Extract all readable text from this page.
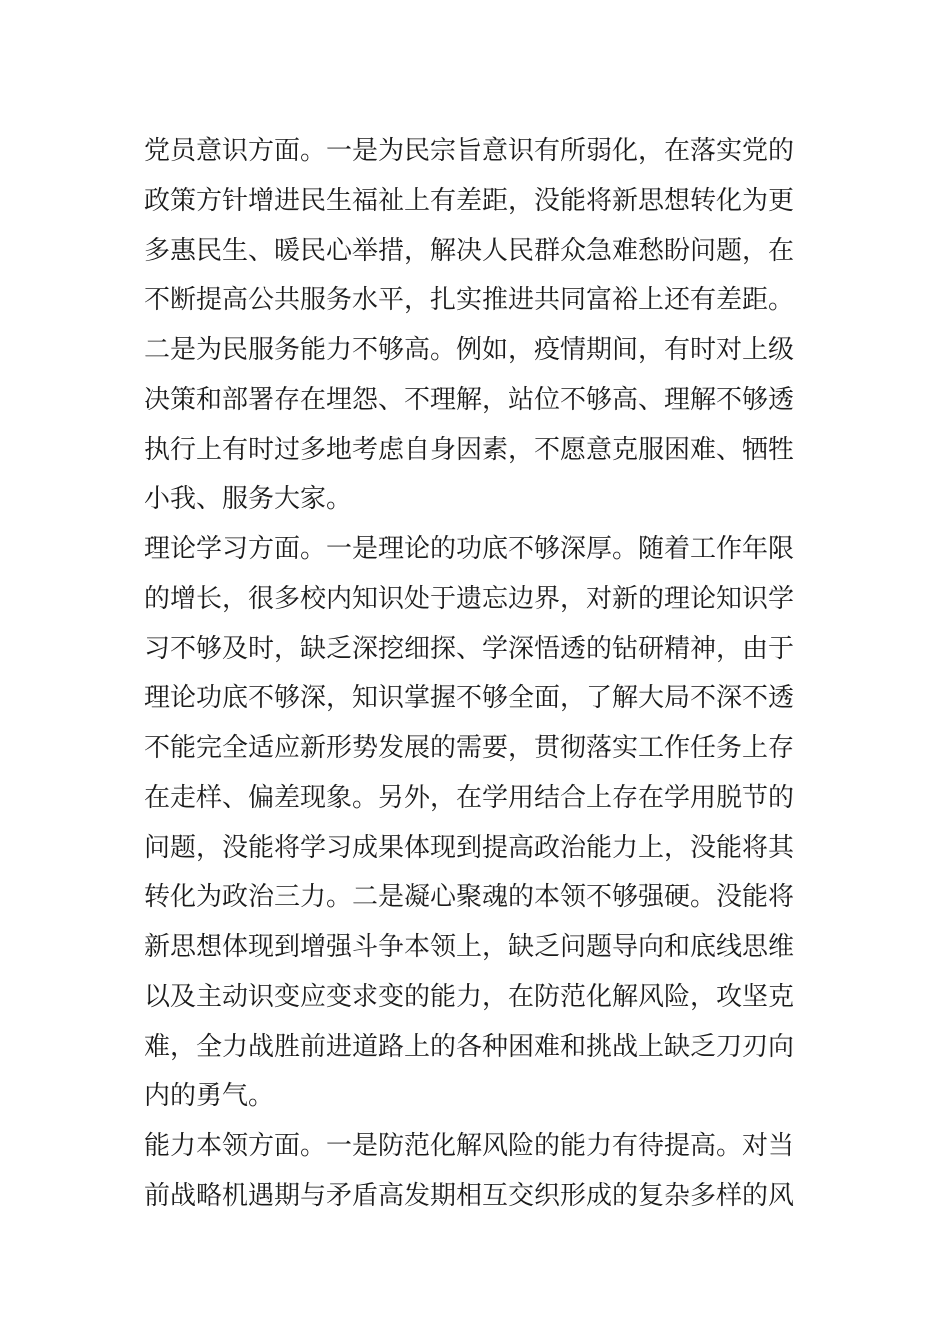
党员意识方面。一是为民宗旨意识有所弱化，在落实党的
政策方针增进民生福祉上有差距，没能将新思想转化为更
多惠民生、暖民心举措，解决人民群众急难愁盼问题，在
不断提高公共服务水平，扎实推进共同富裕上还有差距。
二是为民服务能力不够高。例如，疫情期间，有时对上级
决策和部署存在埋怨、不理解，站位不够高、理解不够透
执行上有时过多地考虑自身因素，不愿意克服困难、牺牲
小我、服务大家。
理论学习方面。一是理论的功底不够深厚。随着工作年限
的增长，很多校内知识处于遗忘边界，对新的理论知识学
习不够及时，缺乏深挖细探、学深悟透的钻研精神，由于
理论功底不够深，知识掌握不够全面，了解大局不深不透
不能完全适应新形势发展的需要，贯彻落实工作任务上存
在走样、偏差现象。另外，在学用结合上存在学用脱节的
问题，没能将学习成果体现到提高政治能力上，没能将其
转化为政治三力。二是凝心聚魂的本领不够强硬。没能将
新思想体现到增强斗争本领上，缺乏问题导向和底线思维
以及主动识变应变求变的能力，在防范化解风险，攻坚克
难，全力战胜前进道路上的各种困难和挑战上缺乏刀刃向
内的勇气。
能力本领方面。一是防范化解风险的能力有待提高。对当
前战略机遇期与矛盾高发期相互交织形成的复杂多样的风
